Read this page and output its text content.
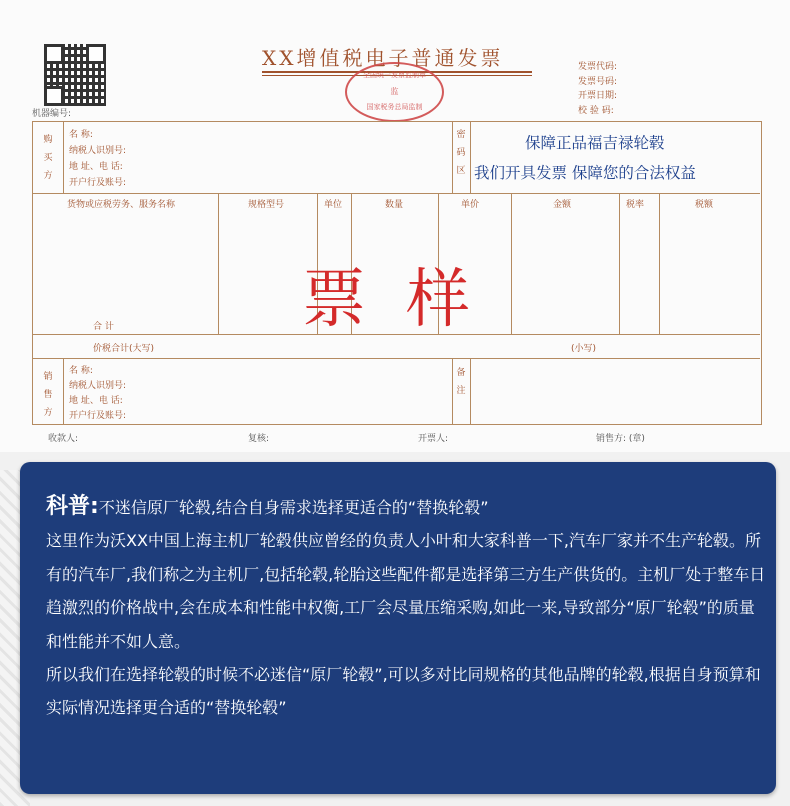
XX增值税电子普通发票
全国统一发票监制章
监
国家税务总局监制
发票代码:
发票号码:
开票日期:
校 验 码:
机器编号:
购买方
名 称:
纳税人识别号:
地 址、电 话:
开户行及账号:
密码区
保障正品福吉禄轮毂
我们开具发票 保障您的合法权益
货物或应税劳务、服务名称	规格型号	单位	数量	单价	金额	税率	税额
合 计
价税合计(大写)	(小写)
销售方
名 称:
纳税人识别号:
地 址、电 话:
开户行及账号:
备注
票样
收款人:	复核:	开票人:	销售方: (章)

科普:不迷信原厂轮毂,结合自身需求选择更适合的“替换轮毂”

这里作为沃XX中国上海主机厂轮毂供应曾经的负责人小叶和大家科普一下,汽车厂家并不生产轮毂。所有的汽车厂,我们称之为主机厂,包括轮毂,轮胎这些配件都是选择第三方生产供货的。主机厂处于整车日趋激烈的价格战中,会在成本和性能中权衡,工厂会尽量压缩采购,如此一来,导致部分“原厂轮毂”的质量和性能并不如人意。

所以我们在选择轮毂的时候不必迷信“原厂轮毂”,可以多对比同规格的其他品牌的轮毂,根据自身预算和实际情况选择更合适的“替换轮毂”
